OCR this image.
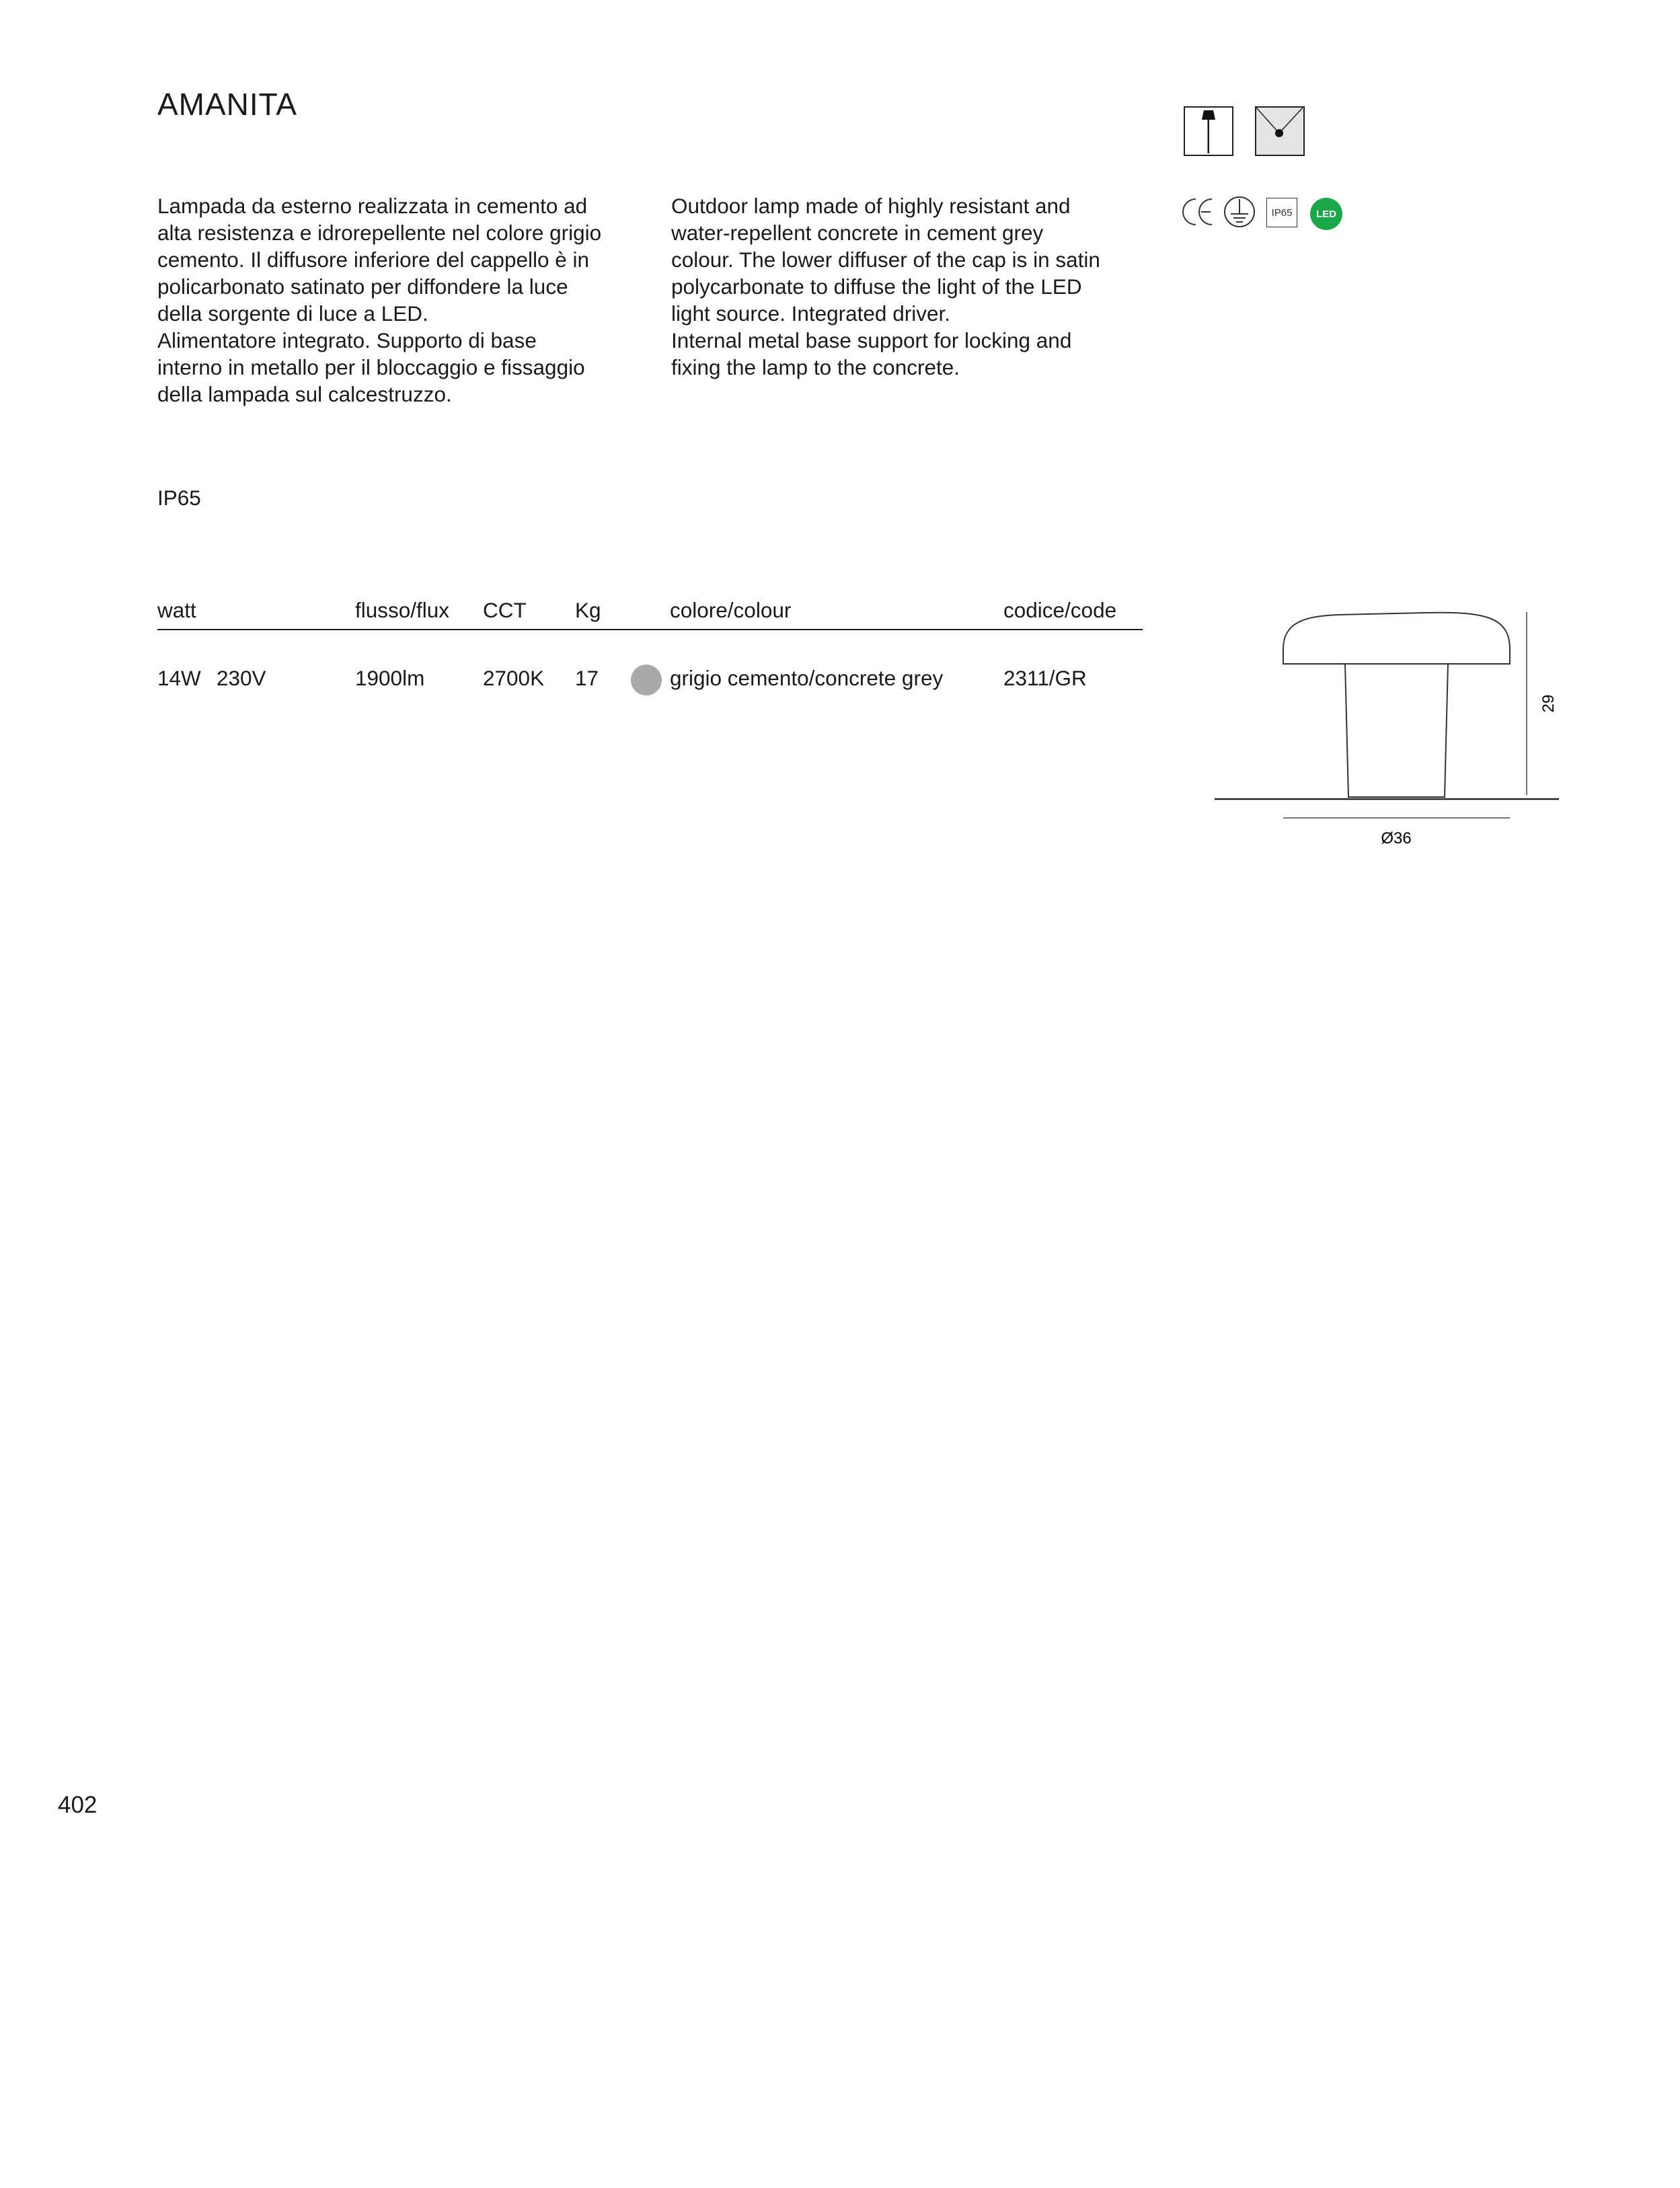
AMANITA
IP65	LED

Lampada da esterno realizzata in cemento ad

alta resistenza e idrorepellente nel colore grigio

cemento. Il diffusore inferiore del cappello è in

policarbonato satinato per diffondere la luce

della sorgente di luce a LED.

Alimentatore integrato. Supporto di base

interno in metallo per il bloccaggio e fissaggio

della lampada sul calcestruzzo.

Outdoor lamp made of highly resistant and

water-repellent concrete in cement grey

colour. The lower diffuser of the cap is in satin

polycarbonate to diffuse the light of the LED

light source. Integrated driver.

Internal metal base support for locking and

fixing the lamp to the concrete.

IP65
watt	flusso/flux CCT Kg	colore/colour	codice/code
14W 230V	1900lm	2700K 17	grigio cemento/concrete grey	2311/GR
29
Ø36
402
